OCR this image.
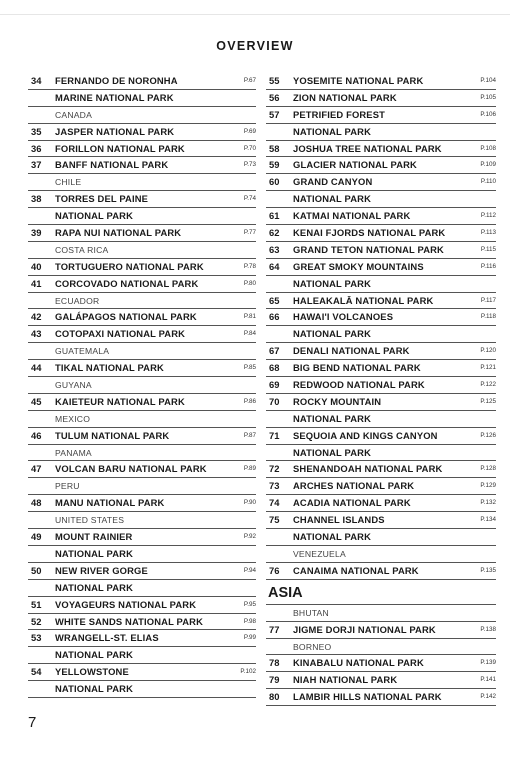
OVERVIEW
34 FERNANDO DE NORONHA	P.67
MARINE NATIONAL PARK
CANADA
35 JASPER NATIONAL PARK	P.69
36 FORILLON NATIONAL PARK	P.70
37 BANFF NATIONAL PARK	P.73
CHILE
38 TORRES DEL PAINE	P.74
NATIONAL PARK
39 RAPA NUI NATIONAL PARK	P.77
COSTA RICA
40 TORTUGUERO NATIONAL PARK	P.78
41 CORCOVADO NATIONAL PARK	P.80
ECUADOR
42 GALÁPAGOS NATIONAL PARK	P.81
43 COTOPAXI NATIONAL PARK	P.84
GUATEMALA
44 TIKAL NATIONAL PARK	P.85
GUYANA
45 KAIETEUR NATIONAL PARK	P.86
MEXICO
46 TULUM NATIONAL PARK	P.87
PANAMA
47 VOLCAN BARU NATIONAL PARK	P.89
PERU
48 MANU NATIONAL PARK	P.90
UNITED STATES
49 MOUNT RAINIER	P.92
NATIONAL PARK
50 NEW RIVER GORGE	P.94
NATIONAL PARK
51 VOYAGEURS NATIONAL PARK	P.95
52 WHITE SANDS NATIONAL PARK	P.98
53 WRANGELL-ST. ELIAS	P.99
NATIONAL PARK
54 YELLOWSTONE	P.102
NATIONAL PARK
55 YOSEMITE NATIONAL PARK	P.104
56 ZION NATIONAL PARK	P.105
57 PETRIFIED FOREST	P.106
NATIONAL PARK
58 JOSHUA TREE NATIONAL PARK	P.108
59 GLACIER NATIONAL PARK	P.109
60 GRAND CANYON	P.110
NATIONAL PARK
61 KATMAI NATIONAL PARK	P.112
62 KENAI FJORDS NATIONAL PARK	P.113
63 GRAND TETON NATIONAL PARK	P.115
64 GREAT SMOKY MOUNTAINS	P.116
NATIONAL PARK
65 HALEAKALĀ NATIONAL PARK	P.117
66 HAWAI'I VOLCANOES	P.118
NATIONAL PARK
67 DENALI NATIONAL PARK	P.120
68 BIG BEND NATIONAL PARK	P.121
69 REDWOOD NATIONAL PARK	P.122
70 ROCKY MOUNTAIN	P.125
NATIONAL PARK
71 SEQUOIA AND KINGS CANYON	P.126
NATIONAL PARK
72 SHENANDOAH NATIONAL PARK	P.128
73 ARCHES NATIONAL PARK	P.129
74 ACADIA NATIONAL PARK	P.132
75 CHANNEL ISLANDS	P.134
NATIONAL PARK
VENEZUELA
76 CANAIMA NATIONAL PARK	P.135
ASIA
BHUTAN
77 JIGME DORJI NATIONAL PARK	P.138
BORNEO
78 KINABALU NATIONAL PARK	P.139
79 NIAH NATIONAL PARK	P.141
80 LAMBIR HILLS NATIONAL PARK	P.142
7
